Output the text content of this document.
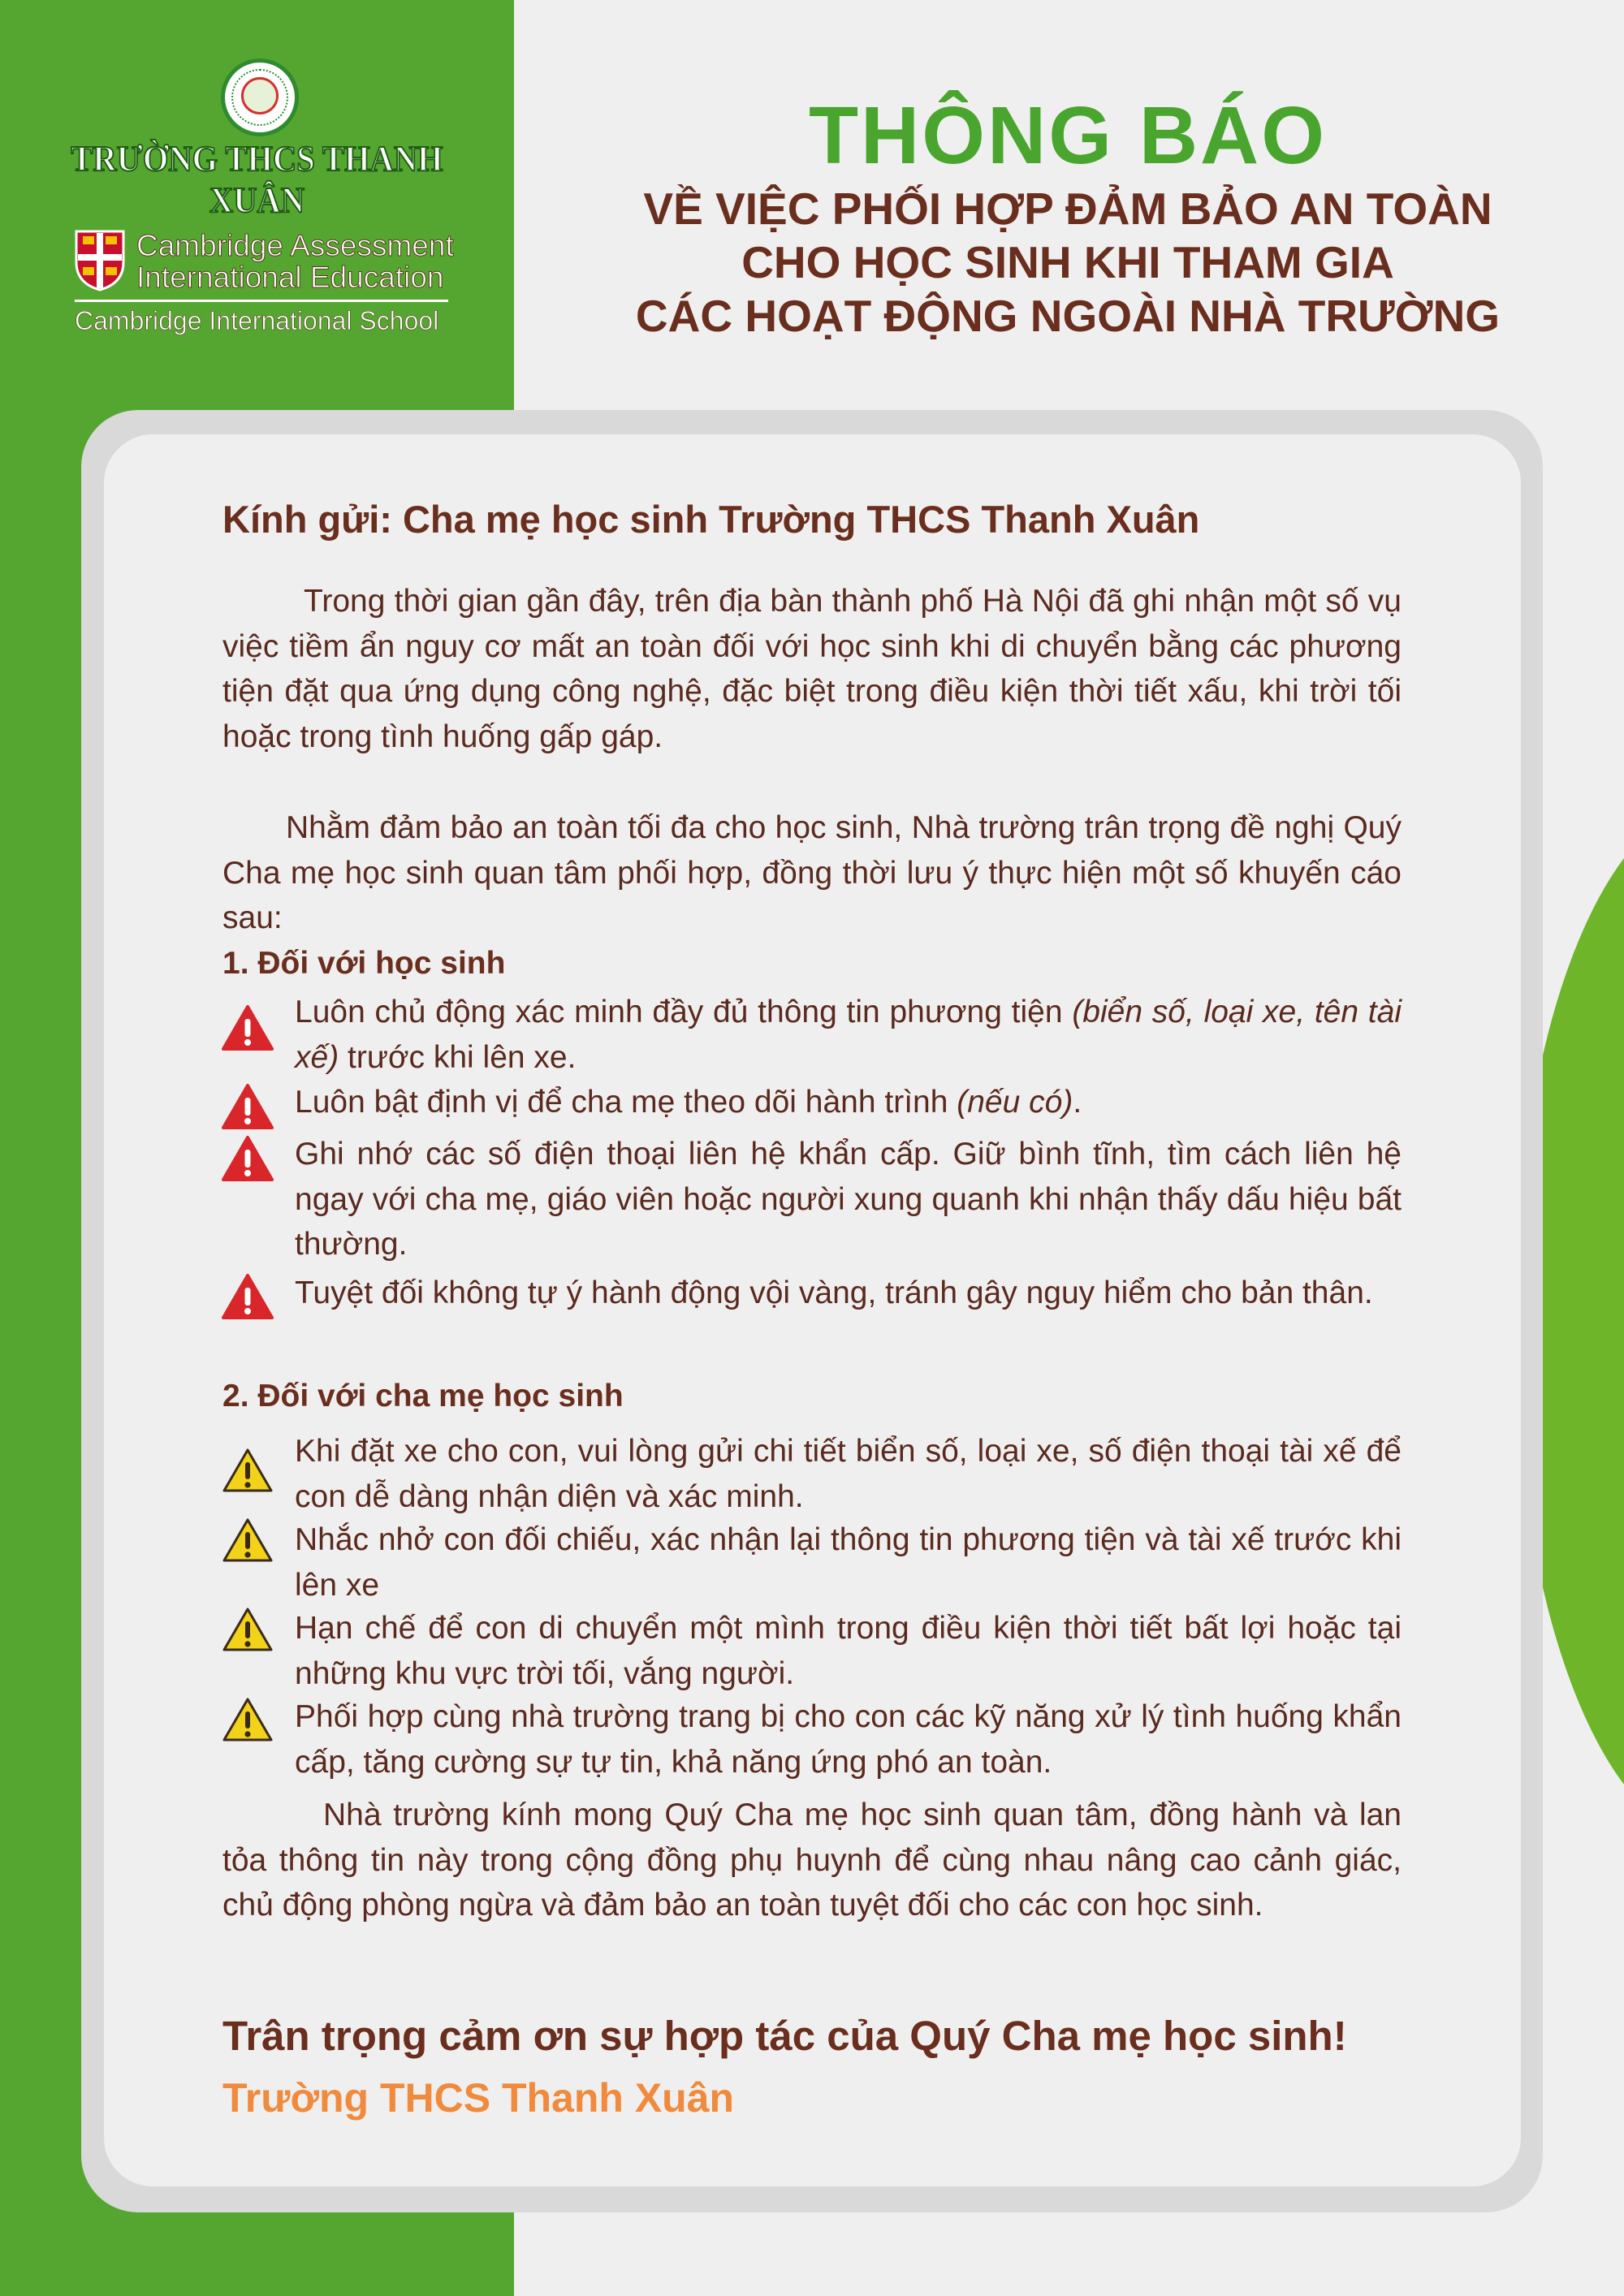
TRƯỜNG THCS THANH XUÂN
Cambridge Assessment
International Education
Cambridge International School
THÔNG BÁO
VỀ VIỆC PHỐI HỢP ĐẢM BẢO AN TOÀN
CHO HỌC SINH KHI THAM GIA
CÁC HOẠT ĐỘNG NGOÀI NHÀ TRƯỜNG
Kính gửi: Cha mẹ học sinh Trường THCS Thanh Xuân
Trong thời gian gần đây, trên địa bàn thành phố Hà Nội đã ghi nhận một số vụ việc tiềm ẩn nguy cơ mất an toàn đối với học sinh khi di chuyển bằng các phương tiện đặt qua ứng dụng công nghệ, đặc biệt trong điều kiện thời tiết xấu, khi trời tối hoặc trong tình huống gấp gáp.
Nhằm đảm bảo an toàn tối đa cho học sinh, Nhà trường trân trọng đề nghị Quý Cha mẹ học sinh quan tâm phối hợp, đồng thời lưu ý thực hiện một số khuyến cáo sau:
1. Đối với học sinh
Luôn chủ động xác minh đầy đủ thông tin phương tiện (biển số, loại xe, tên tài xế) trước khi lên xe.
Luôn bật định vị để cha mẹ theo dõi hành trình (nếu có).
Ghi nhớ các số điện thoại liên hệ khẩn cấp. Giữ bình tĩnh, tìm cách liên hệ ngay với cha mẹ, giáo viên hoặc người xung quanh khi nhận thấy dấu hiệu bất thường.
Tuyệt đối không tự ý hành động vội vàng, tránh gây nguy hiểm cho bản thân.
2. Đối với cha mẹ học sinh
Khi đặt xe cho con, vui lòng gửi chi tiết biển số, loại xe, số điện thoại tài xế để con dễ dàng nhận diện và xác minh.
Nhắc nhở con đối chiếu, xác nhận lại thông tin phương tiện và tài xế trước khi lên xe
Hạn chế để con di chuyển một mình trong điều kiện thời tiết bất lợi hoặc tại những khu vực trời tối, vắng người.
Phối hợp cùng nhà trường trang bị cho con các kỹ năng xử lý tình huống khẩn cấp, tăng cường sự tự tin, khả năng ứng phó an toàn.
Nhà trường kính mong Quý Cha mẹ học sinh quan tâm, đồng hành và lan tỏa thông tin này trong cộng đồng phụ huynh để cùng nhau nâng cao cảnh giác, chủ động phòng ngừa và đảm bảo an toàn tuyệt đối cho các con học sinh.
Trân trọng cảm ơn sự hợp tác của Quý Cha mẹ học sinh!
Trường THCS Thanh Xuân
